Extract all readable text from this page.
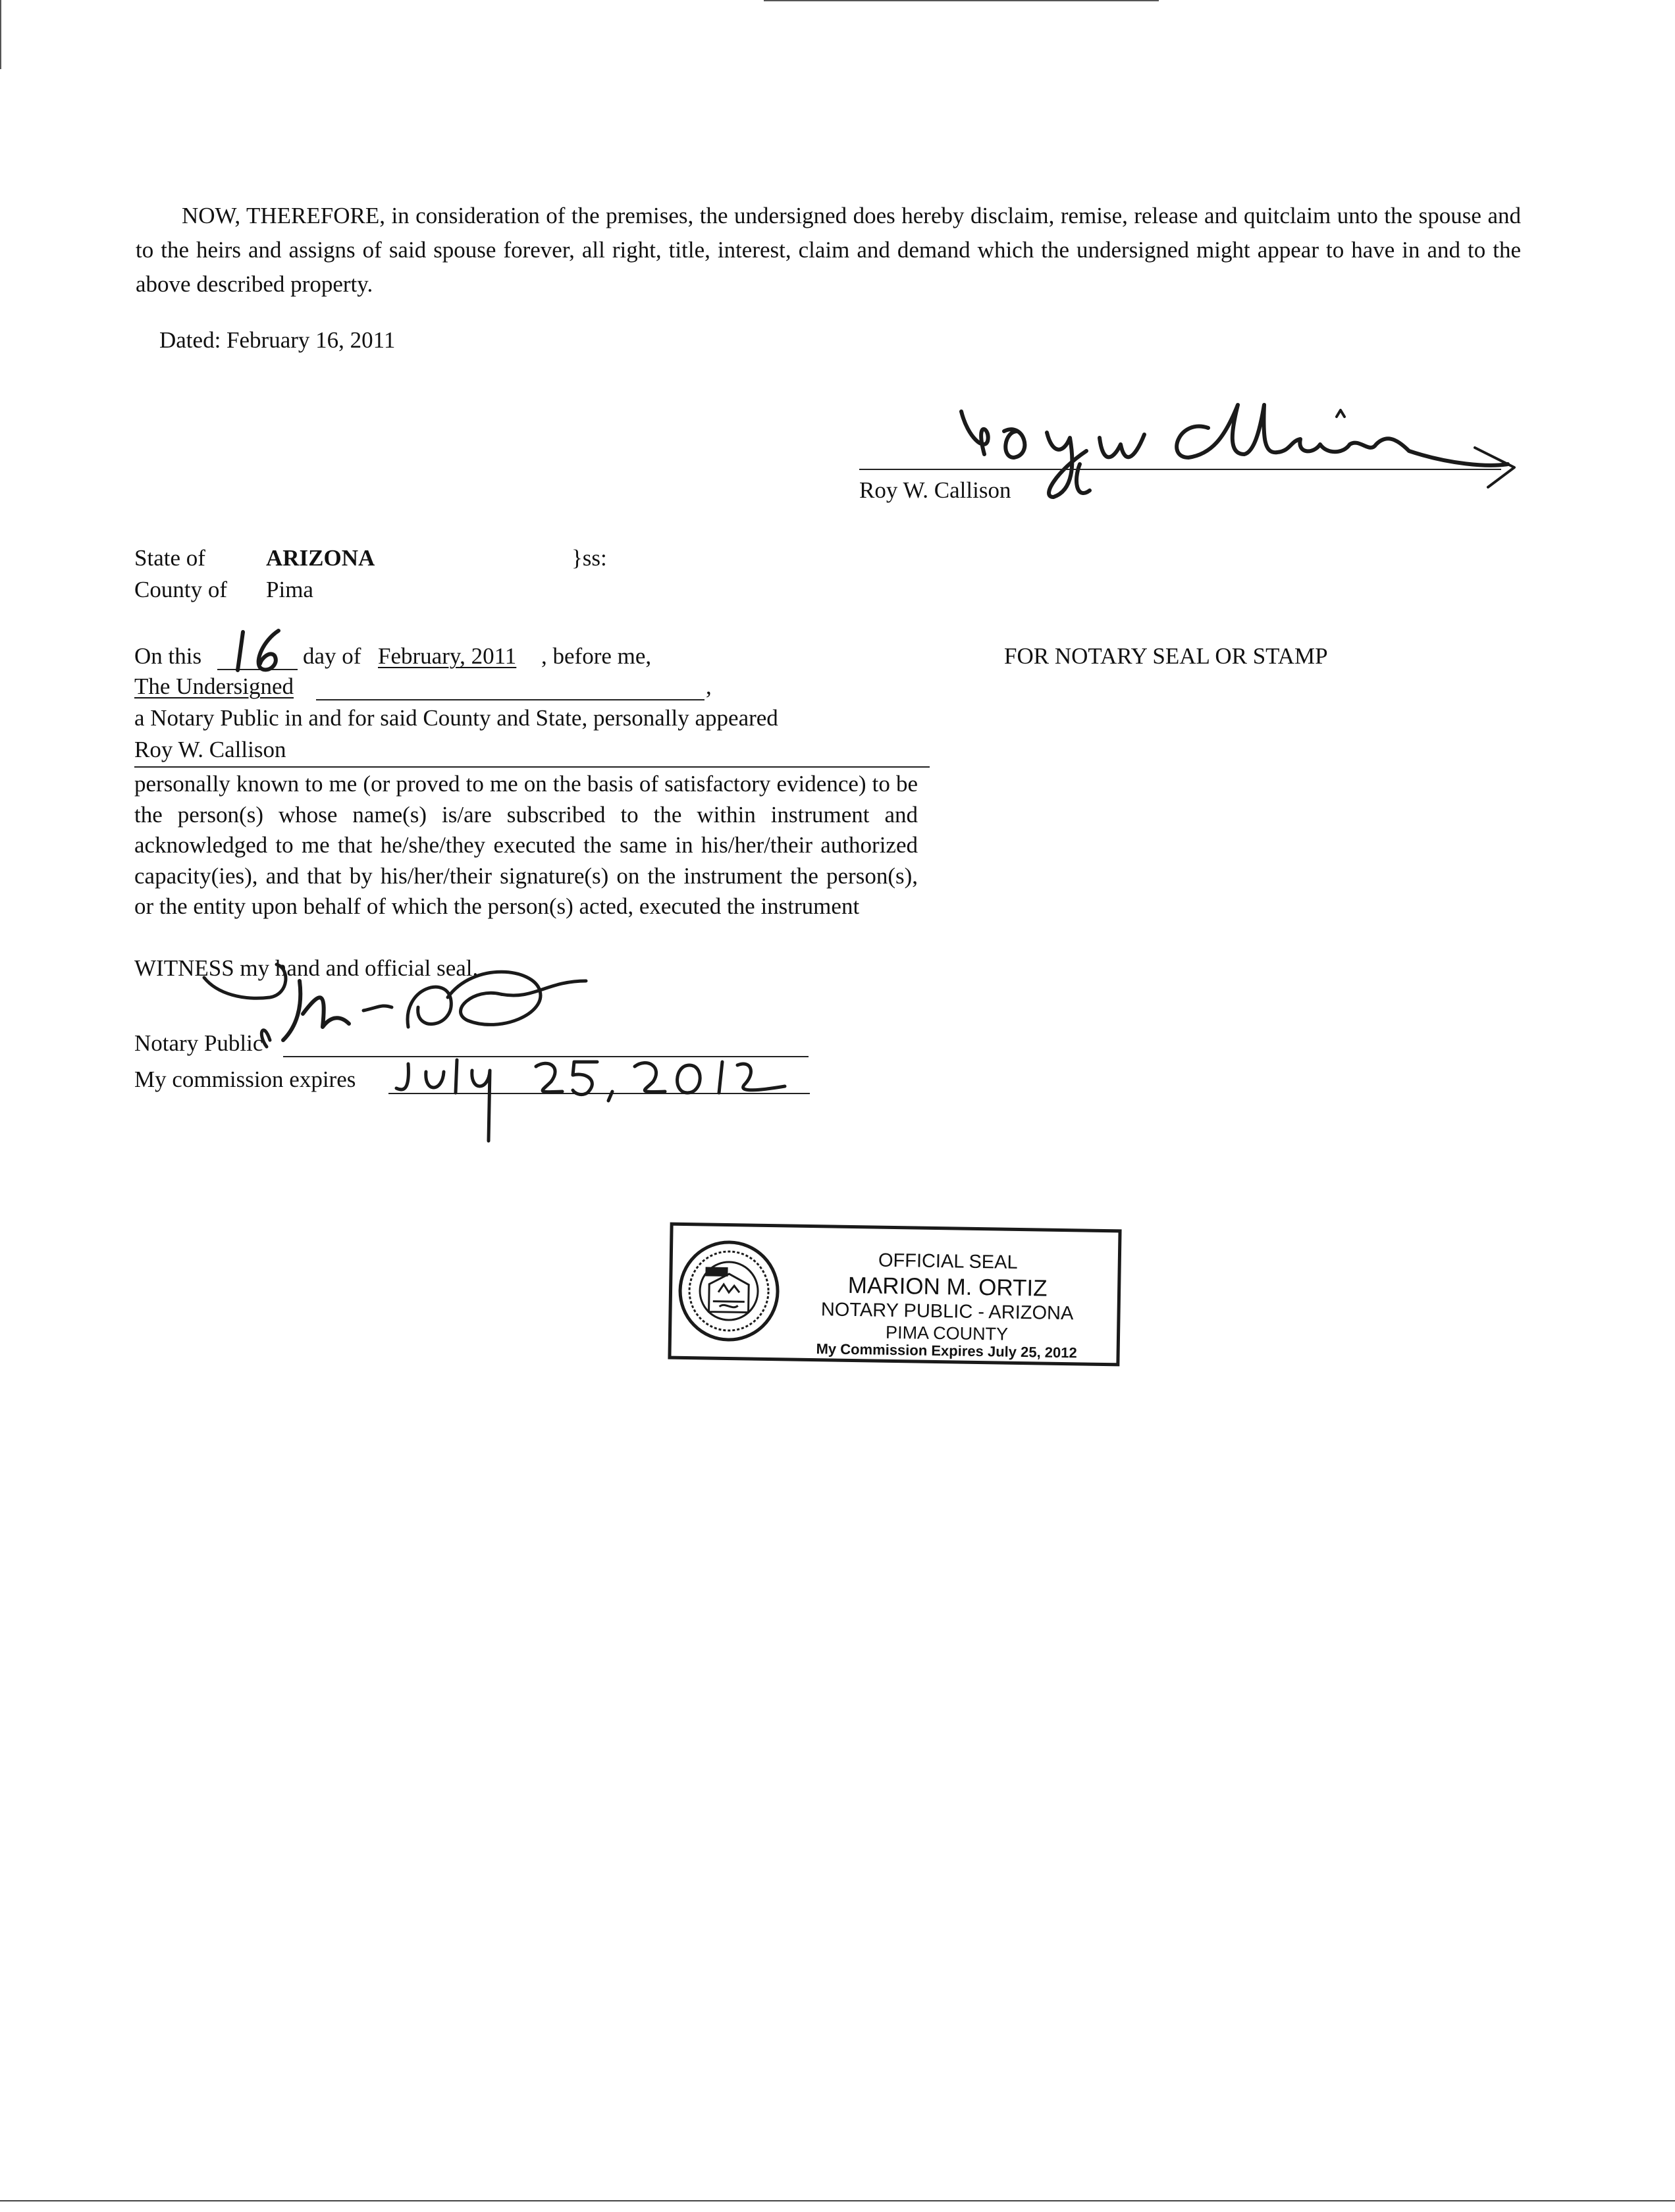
NOW, THEREFORE, in consideration of the premises, the undersigned does hereby disclaim, remise, release and quitclaim unto the spouse and to the heirs and assigns of said spouse forever, all right, title, interest, claim and demand which the undersigned might appear to have in and to the above described property.
Dated: February 16, 2011
Roy W. Callison
State of	ARIZONA	}ss:
County of Pima
On this	day of February, 2011 , before me,	FOR NOTARY SEAL OR STAMP
The Undersigned	,
a Notary Public in and for said County and State, personally appeared
Roy W. Callison
personally known to me (or proved to me on the basis of satisfactory evidence) to be the person(s) whose name(s) is/are subscribed to the within instrument and acknowledged to me that he/she/they executed the same in his/her/their authorized capacity(ies), and that by his/her/their signature(s) on the instrument the person(s), or the entity upon behalf of which the person(s) acted, executed the instrument
WITNESS my hand and official seal.
Notary Public
My commission expires
OFFICIAL SEAL
MARION M. ORTIZ
NOTARY PUBLIC - ARIZONA
PIMA COUNTY
My Commission Expires July 25, 2012
